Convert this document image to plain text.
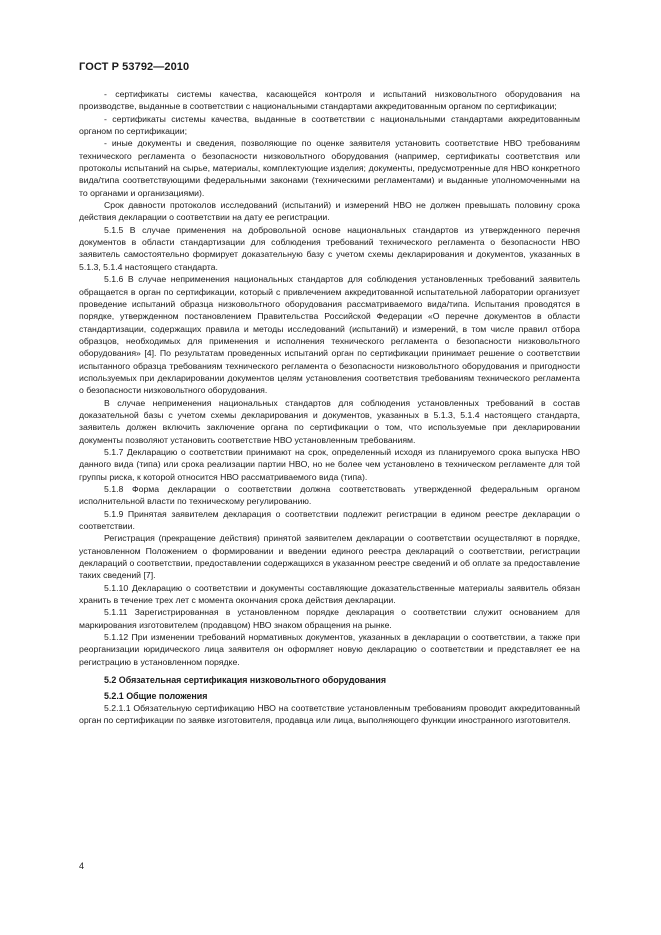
ГОСТ Р 53792—2010

- сертификаты системы качества, касающейся контроля и испытаний низковольтного оборудования на производстве, выданные в соответствии с национальными стандартами аккредитованным органом по сертификации;

- сертификаты системы качества, выданные в соответствии с национальными стандартами аккредитованным органом по сертификации;

- иные документы и сведения, позволяющие по оценке заявителя установить соответствие НВО требованиям технического регламента о безопасности низковольтного оборудования (например, сертификаты соответствия или протоколы испытаний на сырье, материалы, комплектующие изделия; документы, предусмотренные для НВО конкретного вида/типа соответствующими федеральными законами (техническими регламентами) и выданные уполномоченными на то органами и организациями).

Срок давности протоколов исследований (испытаний) и измерений НВО не должен превышать половину срока действия декларации о соответствии на дату ее регистрации.

5.1.5 В случае применения на добровольной основе национальных стандартов из утвержденного перечня документов в области стандартизации для соблюдения требований технического регламента о безопасности НВО заявитель самостоятельно формирует доказательную базу с учетом схемы декларирования и документов, указанных в 5.1.3, 5.1.4 настоящего стандарта.

5.1.6 В случае неприменения национальных стандартов для соблюдения установленных требований заявитель обращается в орган по сертификации, который с привлечением аккредитованной испытательной лаборатории организует проведение испытаний образца низковольтного оборудования рассматриваемого вида/типа. Испытания проводятся в порядке, утвержденном постановлением Правительства Российской Федерации «О перечне документов в области стандартизации, содержащих правила и методы исследований (испытаний) и измерений, в том числе правил отбора образцов, необходимых для применения и исполнения технического регламента о безопасности низковольтного оборудования» [4]. По результатам проведенных испытаний орган по сертификации принимает решение о соответствии испытанного образца требованиям технического регламента о безопасности низковольтного оборудования и пригодности используемых при декларировании документов целям установления соответствия требованиям технического регламента о безопасности низковольтного оборудования.

В случае неприменения национальных стандартов для соблюдения установленных требований в состав доказательной базы с учетом схемы декларирования и документов, указанных в 5.1.3, 5.1.4 настоящего стандарта, заявитель должен включить заключение органа по сертификации о том, что используемые при декларировании документы позволяют установить соответствие НВО установленным требованиям.

5.1.7 Декларацию о соответствии принимают на срок, определенный исходя из планируемого срока выпуска НВО данного вида (типа) или срока реализации партии НВО, но не более чем установлено в техническом регламенте для той группы риска, к которой относится НВО рассматриваемого вида (типа).

5.1.8 Форма декларации о соответствии должна соответствовать утвержденной федеральным органом исполнительной власти по техническому регулированию.

5.1.9 Принятая заявителем декларация о соответствии подлежит регистрации в едином реестре декларации о соответствии.

Регистрация (прекращение действия) принятой заявителем декларации о соответствии осуществляют в порядке, установленном Положением о формировании и введении единого реестра деклараций о соответствии, регистрации деклараций о соответствии, предоставлении содержащихся в указанном реестре сведений и об оплате за предоставление таких сведений [7].

5.1.10 Декларацию о соответствии и документы составляющие доказательственные материалы заявитель обязан хранить в течение трех лет с момента окончания срока действия декларации.

5.1.11 Зарегистрированная в установленном порядке декларация о соответствии служит основанием для маркирования изготовителем (продавцом) НВО знаком обращения на рынке.

5.1.12 При изменении требований нормативных документов, указанных в декларации о соответствии, а также при реорганизации юридического лица заявителя он оформляет новую декларацию о соответствии и представляет ее на регистрацию в установленном порядке.

5.2 Обязательная сертификация низковольтного оборудования
5.2.1 Общие положения

5.2.1.1 Обязательную сертификацию НВО на соответствие установленным требованиям проводит аккредитованный орган по сертификации по заявке изготовителя, продавца или лица, выполняющего функции иностранного изготовителя.

4
